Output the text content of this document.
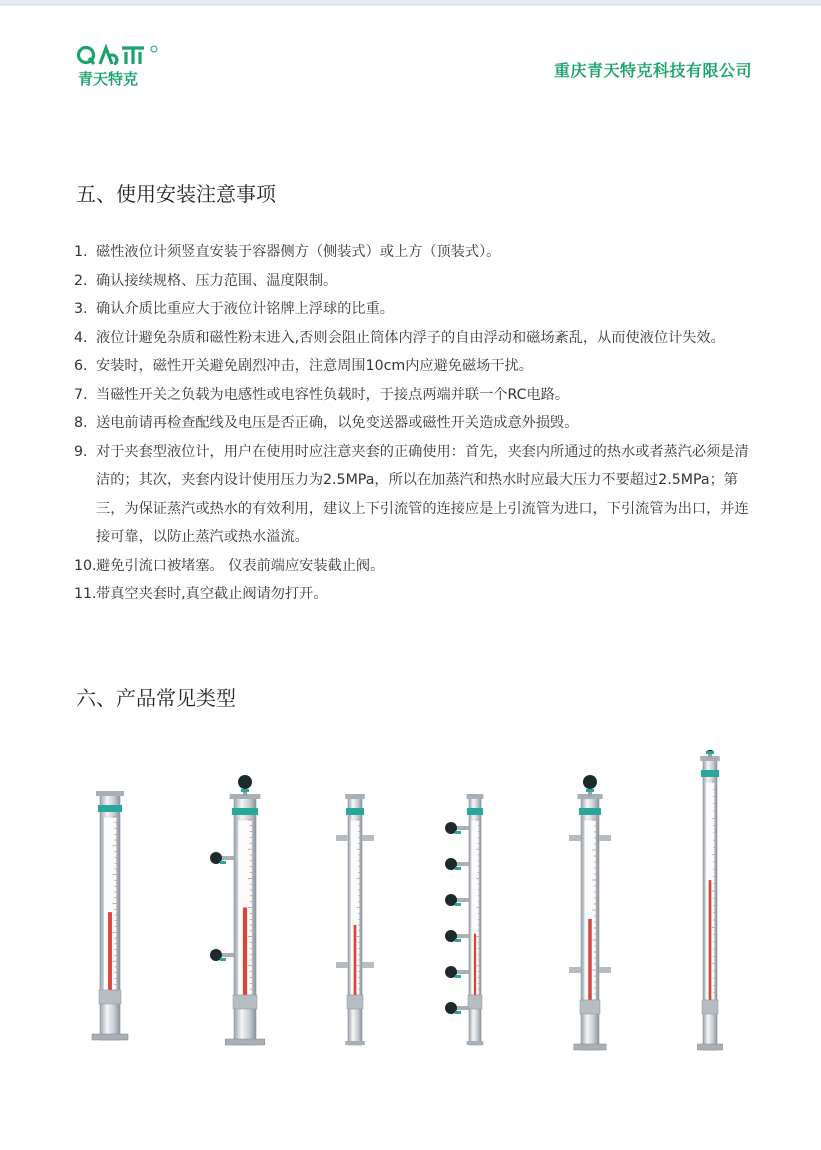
青天特克	重庆青天特克科技有限公司
五、使用安装注意事项
1. 磁性液位计须竖直安装于容器侧方（侧装式）或上方（顶装式）。
2. 确认接续规格、压力范围、温度限制。
3. 确认介质比重应大于液位计铭牌上浮球的比重。
4. 液位计避免杂质和磁性粉末进入,否则会阻止筒体内浮子的自由浮动和磁场紊乱，从而使液位计失效。
6. 安装时，磁性开关避免剧烈冲击，注意周围10cm内应避免磁场干扰。
7. 当磁性开关之负载为电感性或电容性负载时，于接点两端并联一个RC电路。
8. 送电前请再检查配线及电压是否正确，以免变送器或磁性开关造成意外损毁。
9. 对于夹套型液位计，用户在使用时应注意夹套的正确使用：首先，夹套内所通过的热水或者蒸汽必须是清洁的；其次，夹套内设计使用压力为2.5MPa，所以在加蒸汽和热水时应最大压力不要超过2.5MPa；第三，为保证蒸汽或热水的有效利用，建议上下引流管的连接应是上引流管为进口，下引流管为出口，并连接可靠，以防止蒸汽或热水溢流。
10. 避免引流口被堵塞。 仪表前端应安装截止阀。
11. 带真空夹套时,真空截止阀请勿打开。
六、产品常见类型
